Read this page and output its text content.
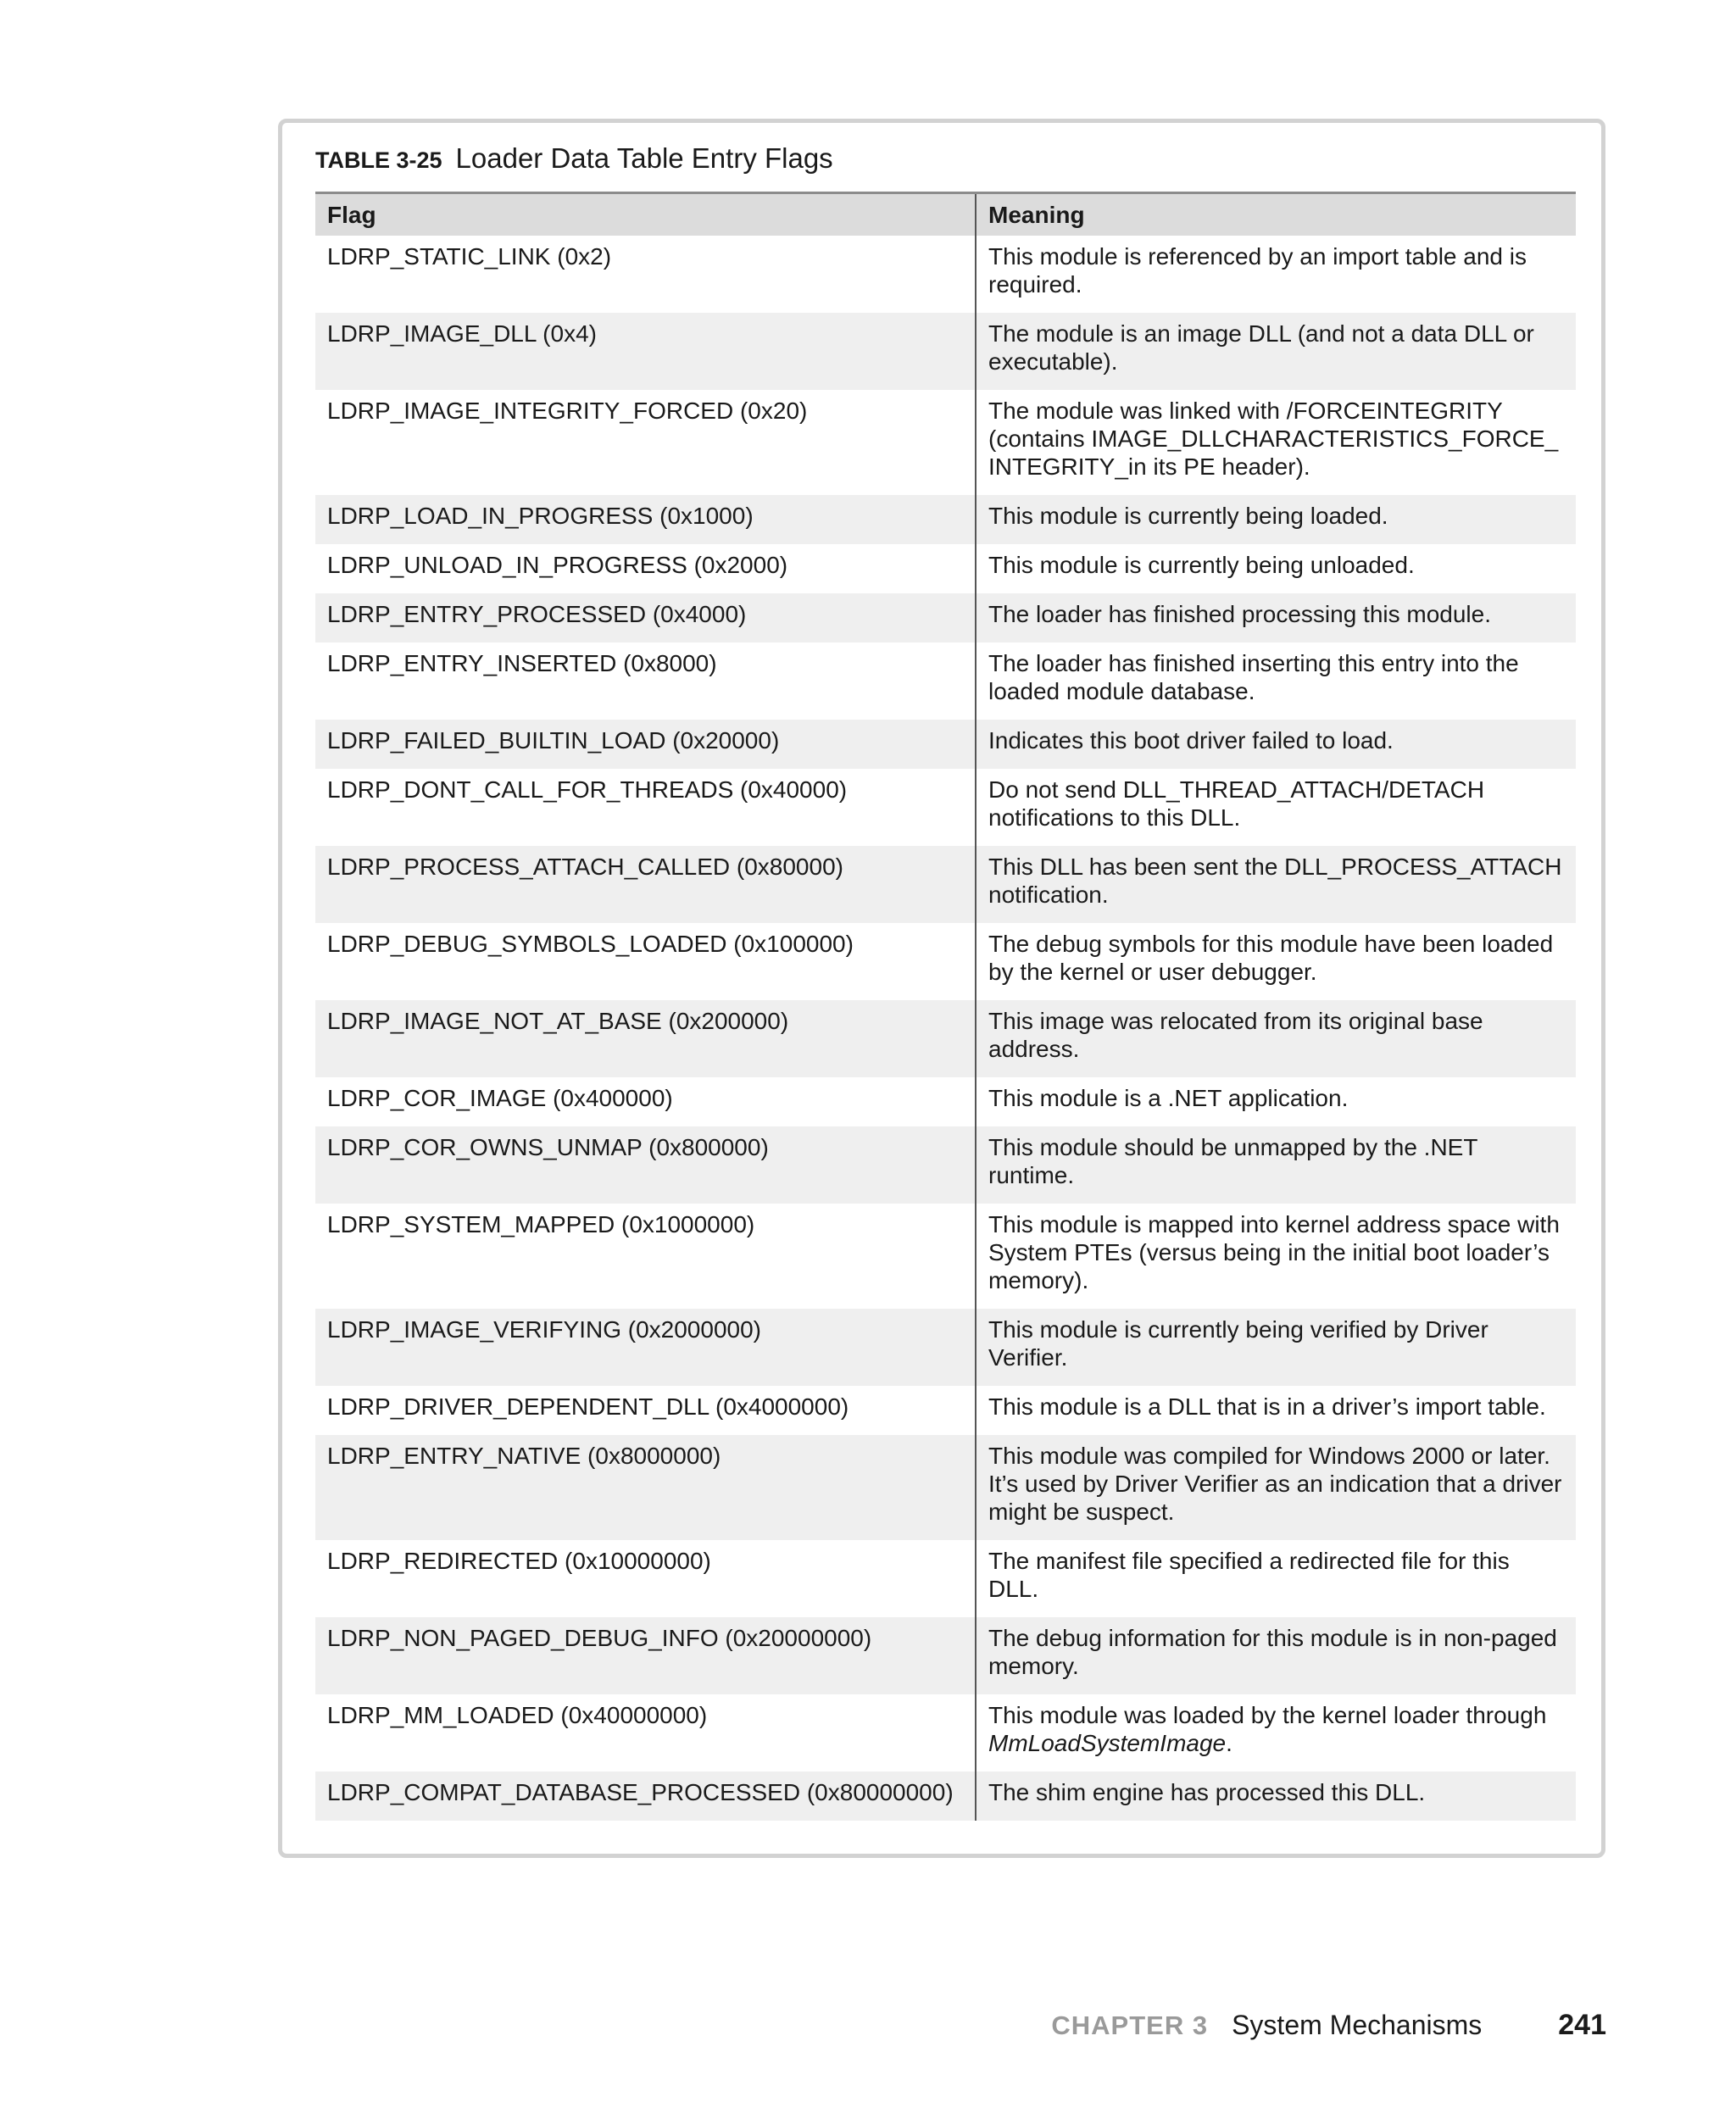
TABLE 3-25 Loader Data Table Entry Flags
Flag	Meaning
LDRP_STATIC_LINK (0x2)	This module is referenced by an import table and is required.
LDRP_IMAGE_DLL (0x4)	The module is an image DLL (and not a data DLL or executable).
LDRP_IMAGE_INTEGRITY_FORCED (0x20)	The module was linked with /FORCEINTEGRITY (contains IMAGE_DLLCHARACTERISTICS_FORCE_ INTEGRITY_in its PE header).
LDRP_LOAD_IN_PROGRESS (0x1000)	This module is currently being loaded.
LDRP_UNLOAD_IN_PROGRESS (0x2000)	This module is currently being unloaded.
LDRP_ENTRY_PROCESSED (0x4000)	The loader has finished processing this module.
LDRP_ENTRY_INSERTED (0x8000)	The loader has finished inserting this entry into the loaded module database.
LDRP_FAILED_BUILTIN_LOAD (0x20000)	Indicates this boot driver failed to load.
LDRP_DONT_CALL_FOR_THREADS (0x40000)	Do not send DLL_THREAD_ATTACH/DETACH notifications to this DLL.
LDRP_PROCESS_ATTACH_CALLED (0x80000)	This DLL has been sent the DLL_PROCESS_ATTACH notification.
LDRP_DEBUG_SYMBOLS_LOADED (0x100000)	The debug symbols for this module have been loaded by the kernel or user debugger.
LDRP_IMAGE_NOT_AT_BASE (0x200000)	This image was relocated from its original base address.
LDRP_COR_IMAGE (0x400000)	This module is a .NET application.
LDRP_COR_OWNS_UNMAP (0x800000)	This module should be unmapped by the .NET runtime.
LDRP_SYSTEM_MAPPED (0x1000000)	This module is mapped into kernel address space with System PTEs (versus being in the initial boot loader’s memory).
LDRP_IMAGE_VERIFYING (0x2000000)	This module is currently being verified by Driver Verifier.
LDRP_DRIVER_DEPENDENT_DLL (0x4000000)	This module is a DLL that is in a driver’s import table.
LDRP_ENTRY_NATIVE (0x8000000)	This module was compiled for Windows 2000 or later. It’s used by Driver Verifier as an indication that a driver might be suspect.
LDRP_REDIRECTED (0x10000000)	The manifest file specified a redirected file for this DLL.
LDRP_NON_PAGED_DEBUG_INFO (0x20000000)	The debug information for this module is in non-paged memory.
LDRP_MM_LOADED (0x40000000)	This module was loaded by the kernel loader through MmLoadSystemImage.
LDRP_COMPAT_DATABASE_PROCESSED (0x80000000)	The shim engine has processed this DLL.
CHAPTER 3 System Mechanisms	241
